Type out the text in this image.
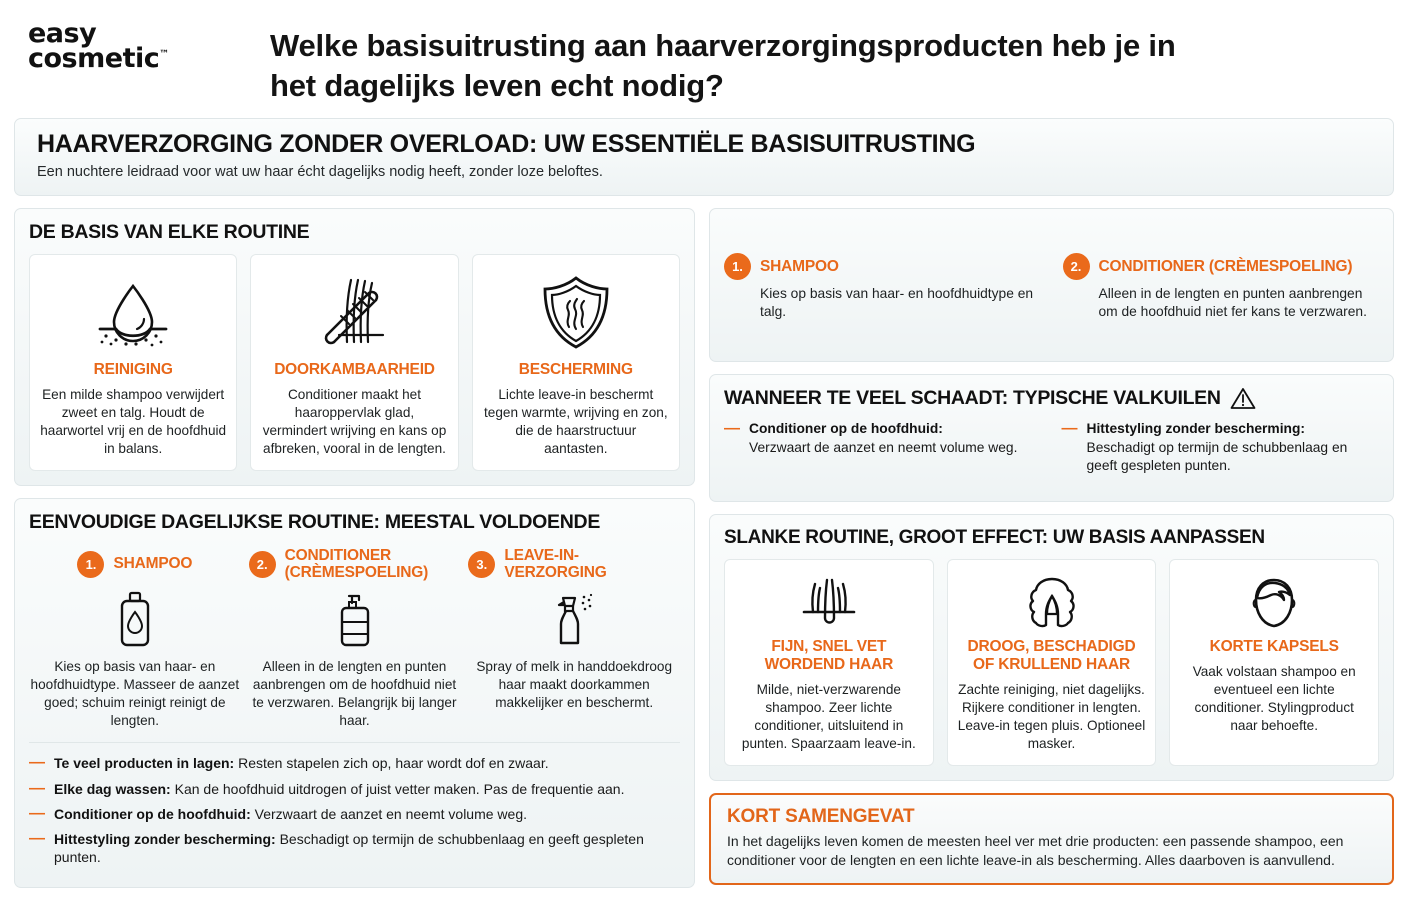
easy
cosmetic™	Welke basisuitrusting aan haarverzorgingsproducten heb je in het dagelijks leven echt nodig?
HAARVERZORGING ZONDER OVERLOAD: UW ESSENTIËLE BASISUITRUSTING
Een nuchtere leidraad voor wat uw haar écht dagelijks nodig heeft, zonder loze beloftes.
DE BASIS VAN ELKE ROUTINE
REINIGING
Een milde shampoo verwijdert zweet en talg. Houdt de haarwortel vrij en de hoofdhuid in balans.
DOORKAMBAARHEID
Conditioner maakt het haaroppervlak glad, vermindert wrijving en kans op afbreken, vooral in de lengten.
BESCHERMING
Lichte leave-in beschermt tegen warmte, wrijving en zon, die de haarstructuur aantasten.
EENVOUDIGE DAGELIJKSE ROUTINE: MEESTAL VOLDOENDE
1.	SHAMPOO
Kies op basis van haar- en hoofdhuidtype. Masseer de aanzet goed; schuim reinigt reinigt de lengten.
2.
CONDITIONER (CRÈMESPOELING)
Alleen in de lengten en punten aanbrengen om de hoofdhuid niet te verzwaren. Belangrijk bij langer haar.
3.
LEAVE-IN-VERZORGING
Spray of melk in handdoekdroog haar maakt doorkammen makkelijker en beschermt.
— Te veel producten in lagen: Resten stapelen zich op, haar wordt dof en zwaar.
— Elke dag wassen: Kan de hoofdhuid uitdrogen of juist vetter maken. Pas de frequentie aan.
— Conditioner op de hoofdhuid: Verzwaart de aanzet en neemt volume weg.
— Hittestyling zonder bescherming: Beschadigt op termijn de schubbenlaag en geeft gespleten punten.
1.	SHAMPOO
Kies op basis van haar- en hoofdhuidtype en talg.
2.	CONDITIONER (CRÈMESPOELING)
Alleen in de lengten en punten aanbrengen om de hoofdhuid niet fer kans te verzwaren.
WANNEER TE VEEL SCHAADT: TYPISCHE VALKUILEN
— Conditioner op de hoofdhuid:
Verzwaart de aanzet en neemt volume weg.
— Hittestyling zonder bescherming:
Beschadigt op termijn de schubbenlaag en geeft gespleten punten.
SLANKE ROUTINE, GROOT EFFECT: UW BASIS AANPASSEN
FIJN, SNEL VET WORDEND HAAR
Milde, niet-verzwarende shampoo. Zeer lichte conditioner, uitsluitend in punten. Spaarzaam leave-in.
DROOG, BESCHADIGD OF KRULLEND HAAR
Zachte reiniging, niet dagelijks. Rijkere conditioner in lengten. Leave-in tegen pluis. Optioneel masker.
KORTE KAPSELS
Vaak volstaan shampoo en eventueel een lichte conditioner. Stylingproduct naar behoefte.
KORT SAMENGEVAT
In het dagelijks leven komen de meesten heel ver met drie producten: een passende shampoo, een conditioner voor de lengten en een lichte leave-in als bescherming. Alles daarboven is aanvullend.
